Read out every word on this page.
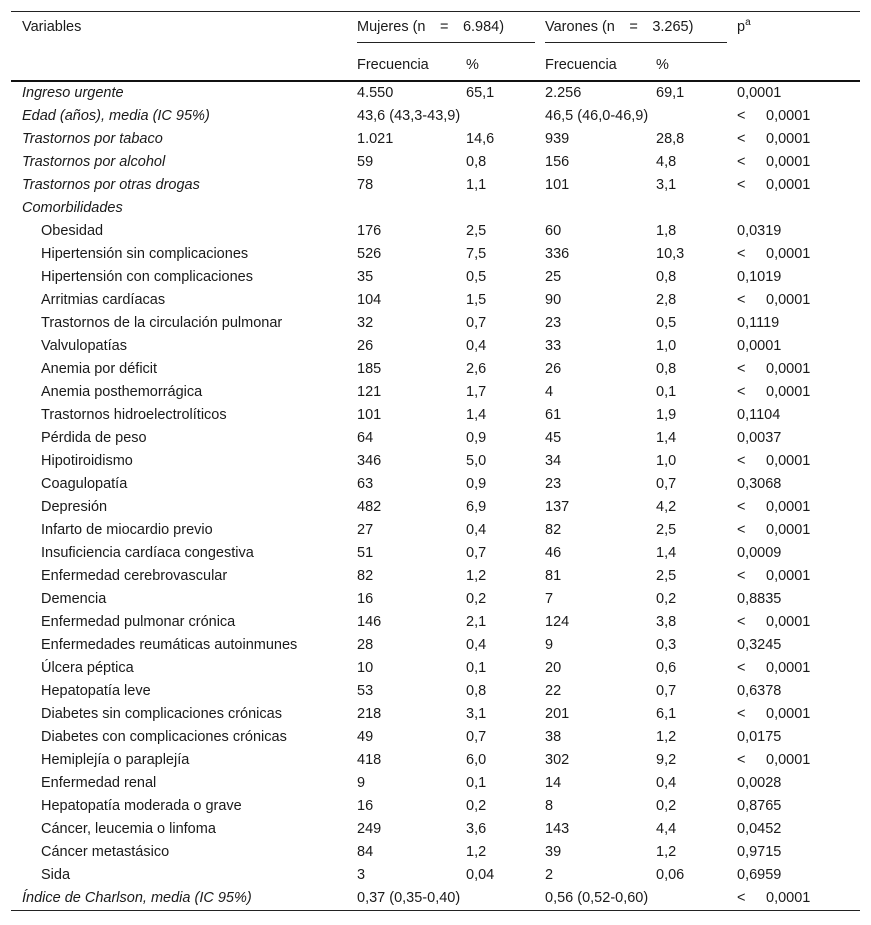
Variables	Mujeres (n = 6.984)		Varones (n = 3.265)		$p^a$
	Frecuencia	%	Frecuencia	%	
Ingreso urgente	4.550	65,1	2.256	69,1	0,0001
Edad (años), media (IC 95%)	43,6 (43,3-43,9)		46,5 (46,0-46,9)		< 0,0001
Trastornos por tabaco	1.021	14,6	939	28,8	< 0,0001
Trastornos por alcohol	59	0,8	156	4,8	< 0,0001
Trastornos por otras drogas	78	1,1	101	3,1	< 0,0001
Comorbilidades					
Obesidad	176	2,5	60	1,8	0,0319
Hipertensión sin complicaciones	526	7,5	336	10,3	< 0,0001
Hipertensión con complicaciones	35	0,5	25	0,8	0,1019
Arritmias cardíacas	104	1,5	90	2,8	< 0,0001
Trastornos de la circulación pulmonar	32	0,7	23	0,5	0,1119
Valvulopatías	26	0,4	33	1,0	0,0001
Anemia por déficit	185	2,6	26	0,8	< 0,0001
Anemia posthemorrágica	121	1,7	4	0,1	< 0,0001
Trastornos hidroelectrolíticos	101	1,4	61	1,9	0,1104
Pérdida de peso	64	0,9	45	1,4	0,0037
Hipotiroidismo	346	5,0	34	1,0	< 0,0001
Coagulopatía	63	0,9	23	0,7	0,3068
Depresión	482	6,9	137	4,2	< 0,0001
Infarto de miocardio previo	27	0,4	82	2,5	< 0,0001
Insuficiencia cardíaca congestiva	51	0,7	46	1,4	0,0009
Enfermedad cerebrovascular	82	1,2	81	2,5	< 0,0001
Demencia	16	0,2	7	0,2	0,8835
Enfermedad pulmonar crónica	146	2,1	124	3,8	< 0,0001
Enfermedades reumáticas autoinmunes	28	0,4	9	0,3	0,3245
Úlcera péptica	10	0,1	20	0,6	< 0,0001
Hepatopatía leve	53	0,8	22	0,7	0,6378
Diabetes sin complicaciones crónicas	218	3,1	201	6,1	< 0,0001
Diabetes con complicaciones crónicas	49	0,7	38	1,2	0,0175
Hemiplejía o paraplejía	418	6,0	302	9,2	< 0,0001
Enfermedad renal	9	0,1	14	0,4	0,0028
Hepatopatía moderada o grave	16	0,2	8	0,2	0,8765
Cáncer, leucemia o linfoma	249	3,6	143	4,4	0,0452
Cáncer metastásico	84	1,2	39	1,2	0,9715
Sida	3	0,04	2	0,06	0,6959
Índice de Charlson, media (IC 95%)	0,37 (0,35-0,40)		0,56 (0,52-0,60)		< 0,0001
